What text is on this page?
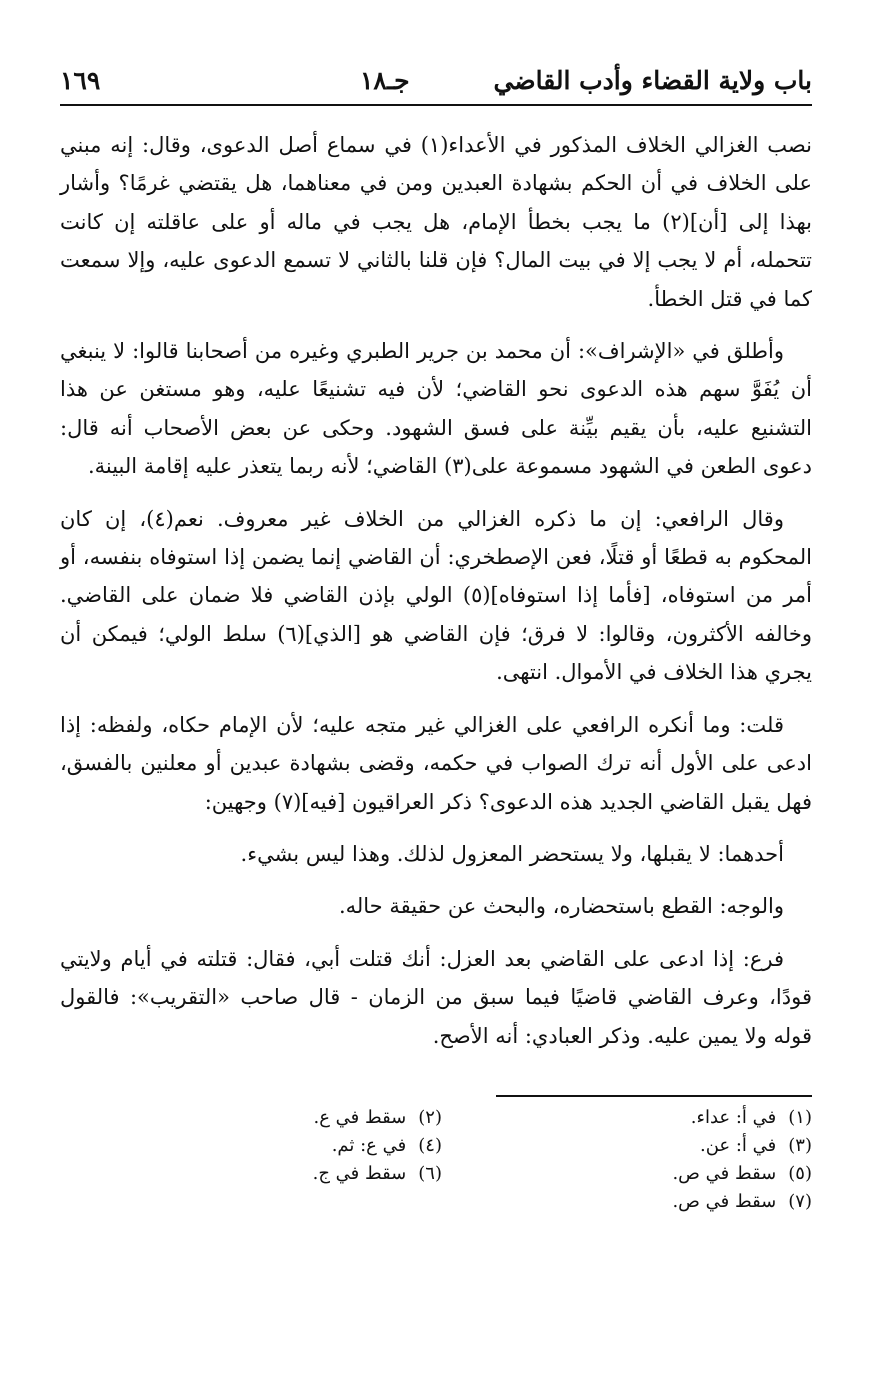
باب ولاية القضاء وأدب القاضي
جـ١٨
١٦٩

نصب الغزالي الخلاف المذكور في الأعداء(١) في سماع أصل الدعوى، وقال: إنه مبني على الخلاف في أن الحكم بشهادة العبدين ومن في معناهما، هل يقتضي غرمًا؟ وأشار بهذا إلى [أن](٢) ما يجب بخطأ الإمام، هل يجب في ماله أو على عاقلته إن كانت تتحمله، أم لا يجب إلا في بيت المال؟ فإن قلنا بالثاني لا تسمع الدعوى عليه، وإلا سمعت كما في قتل الخطأ.

وأطلق في «الإشراف»: أن محمد بن جرير الطبري وغيره من أصحابنا قالوا: لا ينبغي أن يُفَوَّ سهم هذه الدعوى نحو القاضي؛ لأن فيه تشنيعًا عليه، وهو مستغن عن هذا التشنيع عليه، بأن يقيم بيِّنة على فسق الشهود. وحكى عن بعض الأصحاب أنه قال: دعوى الطعن في الشهود مسموعة على(٣) القاضي؛ لأنه ربما يتعذر عليه إقامة البينة.

وقال الرافعي: إن ما ذكره الغزالي من الخلاف غير معروف. نعم(٤)، إن كان المحكوم به قطعًا أو قتلًا، فعن الإصطخري: أن القاضي إنما يضمن إذا استوفاه بنفسه، أو أمر من استوفاه، [فأما إذا استوفاه](٥) الولي بإذن القاضي فلا ضمان على القاضي. وخالفه الأكثرون، وقالوا: لا فرق؛ فإن القاضي هو [الذي](٦) سلط الولي؛ فيمكن أن يجري هذا الخلاف في الأموال. انتهى.

قلت: وما أنكره الرافعي على الغزالي غير متجه عليه؛ لأن الإمام حكاه، ولفظه: إذا ادعى على الأول أنه ترك الصواب في حكمه، وقضى بشهادة عبدين أو معلنين بالفسق، فهل يقبل القاضي الجديد هذه الدعوى؟ ذكر العراقيون [فيه](٧) وجهين:

أحدهما: لا يقبلها، ولا يستحضر المعزول لذلك. وهذا ليس بشيء.

والوجه: القطع باستحضاره، والبحث عن حقيقة حاله.

فرع: إذا ادعى على القاضي بعد العزل: أنك قتلت أبي، فقال: قتلته في أيام ولايتي قودًا، وعرف القاضي قاضيًا فيما سبق من الزمان - قال صاحب «التقريب»: فالقول قوله ولا يمين عليه. وذكر العبادي: أنه الأصح.

(١)في أ: عداء.
(٢)سقط في ع.
(٣)في أ: عن.
(٤)في ع: ثم.
(٥)سقط في ص.
(٦)سقط في ج.
(٧)سقط في ص.
